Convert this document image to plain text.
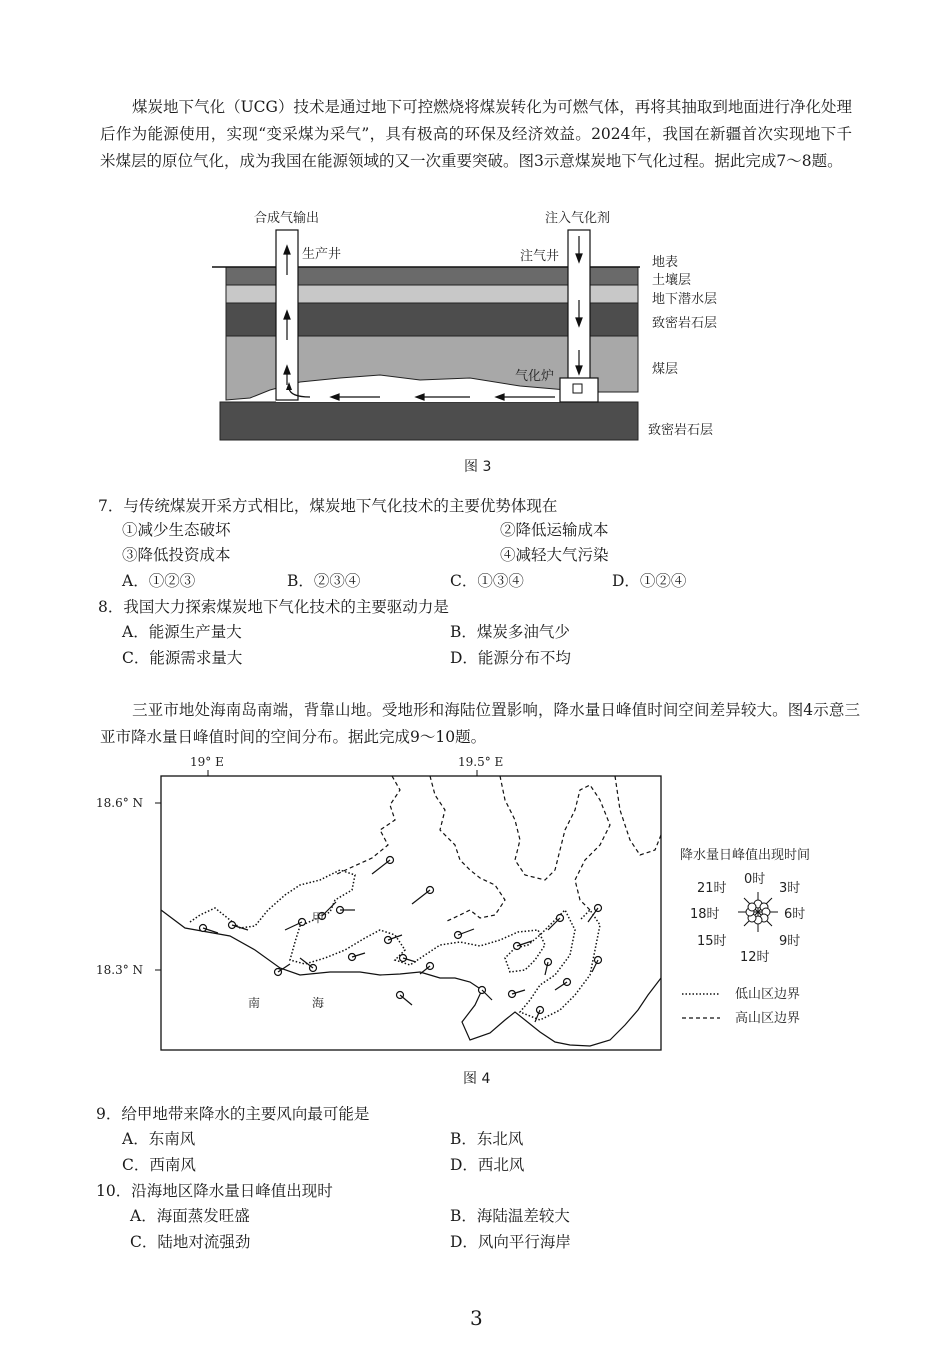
煤炭地下气化（UCG）技术是通过地下可控燃烧将煤炭转化为可燃气体，再将其抽取到地面进行净化处理后作为能源使用，实现“变采煤为采气”，具有极高的环保及经济效益。2024年，我国在新疆首次实现地下千米煤层的原位气化，成为我国在能源领域的又一次重要突破。图3示意煤炭地下气化过程。据此完成7～8题。
合成气输出	注入气化剂
生产井	注气井
气化炉
地表
土壤层
地下潜水层
致密岩石层
煤层
致密岩石层
图 3
7．与传统煤炭开采方式相比，煤炭地下气化技术的主要优势体现在
①减少生态破坏	②降低运输成本
③降低投资成本	④减轻大气污染
A．①②③	B．②③④	C．①③④	D．①②④
8．我国大力探索煤炭地下气化技术的主要驱动力是
A．能源生产量大	B．煤炭多油气少
C．能源需求量大	D．能源分布不均
三亚市地处海南岛南端，背靠山地。受地形和海陆位置影响，降水量日峰值时间空间差异较大。图4示意三亚市降水量日峰值时间的空间分布。据此完成9～10题。
19° E	19.5° E
18.6° N
18.3° N
甲
南	海
降水量日峰值出现时间
0时
3时
6时
9时
12时
15时
18时
21时
低山区边界
高山区边界
图 4
9．给甲地带来降水的主要风向最可能是
A．东南风	B．东北风
C．西南风	D．西北风
10．沿海地区降水量日峰值出现时
A．海面蒸发旺盛	B．海陆温差较大
C．陆地对流强劲	D．风向平行海岸
3
